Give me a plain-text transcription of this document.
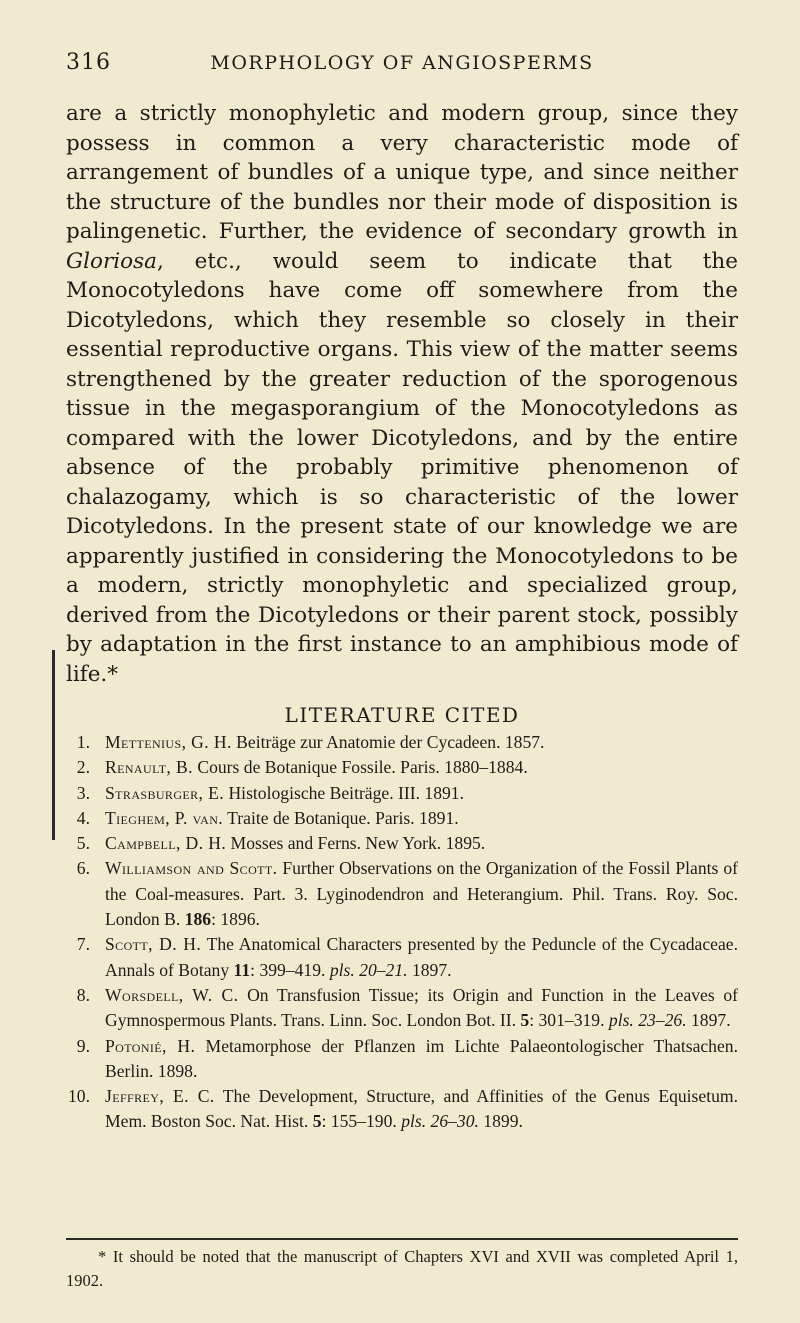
316	MORPHOLOGY OF ANGIOSPERMS

are a strictly monophyletic and modern group, since they possess in common a very characteristic mode of arrangement of bundles of a unique type, and since neither the structure of the bundles nor their mode of disposition is palingenetic. Further, the evidence of secondary growth in Gloriosa, etc., would seem to indicate that the Monocotyledons have come off somewhere from the Dicotyledons, which they resemble so closely in their essential reproductive organs. This view of the matter seems strengthened by the greater reduction of the sporogenous tissue in the megasporangium of the Monocotyledons as compared with the lower Dicotyledons, and by the entire absence of the probably primitive phenomenon of chalazogamy, which is so characteristic of the lower Dicotyledons. In the present state of our knowledge we are apparently justified in considering the Monocotyledons to be a modern, strictly monophyletic and specialized group, derived from the Dicotyledons or their parent stock, possibly by adaptation in the first instance to an amphibious mode of life.*

LITERATURE CITED
1. Mettenius, G. H. Beiträge zur Anatomie der Cycadeen. 1857.
2. Renault, B. Cours de Botanique Fossile. Paris. 1880–1884.
3. Strasburger, E. Histologische Beiträge. III. 1891.
4. Tieghem, P. van. Traite de Botanique. Paris. 1891.
5. Campbell, D. H. Mosses and Ferns. New York. 1895.
6. Williamson and Scott. Further Observations on the Organization of the Fossil Plants of the Coal-measures. Part. 3. Lyginodendron and Heterangium. Phil. Trans. Roy. Soc. London B. 186: 1896.
7. Scott, D. H. The Anatomical Characters presented by the Peduncle of the Cycadaceae. Annals of Botany 11: 399–419. pls. 20–21. 1897.
8. Worsdell, W. C. On Transfusion Tissue; its Origin and Function in the Leaves of Gymnospermous Plants. Trans. Linn. Soc. London Bot. II. 5: 301–319. pls. 23–26. 1897.
9. Potonié, H. Metamorphose der Pflanzen im Lichte Palaeontologischer Thatsachen. Berlin. 1898.
10. Jeffrey, E. C. The Development, Structure, and Affinities of the Genus Equisetum. Mem. Boston Soc. Nat. Hist. 5: 155–190. pls. 26–30. 1899.
* It should be noted that the manuscript of Chapters XVI and XVII was completed April 1, 1902.
